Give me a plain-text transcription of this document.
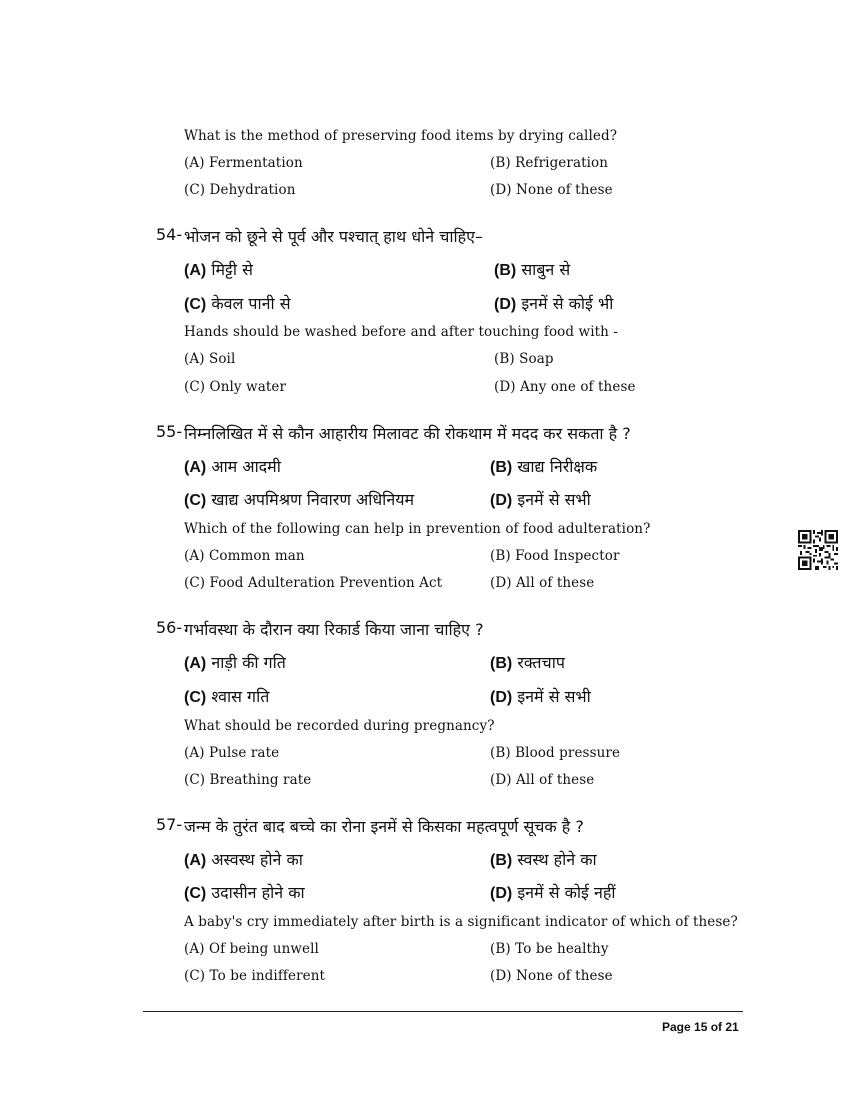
What is the method of preserving food items by drying called?
(A) Fermentation	(B) Refrigeration
(C) Dehydration	(D) None of these
54- भोजन को छूने से पूर्व और पश्चात् हाथ धोने चाहिए–
(A) मिट्टी से	(B) साबुन से
(C) केवल पानी से	(D) इनमें से कोई भी
Hands should be washed before and after touching food with -
(A) Soil	(B) Soap
(C) Only water	(D) Any one of these
55- निम्नलिखित में से कौन आहारीय मिलावट की रोकथाम में मदद कर सकता है ?
(A) आम आदमी	(B) खाद्य निरीक्षक
(C) खाद्य अपमिश्रण निवारण अधिनियम	(D) इनमें से सभी
Which of the following can help in prevention of food adulteration?
(A) Common man	(B) Food Inspector
(C) Food Adulteration Prevention Act	(D) All of these
56- गर्भावस्था के दौरान क्या रिकार्ड किया जाना चाहिए ?
(A) नाड़ी की गति	(B) रक्तचाप
(C) श्वास गति	(D) इनमें से सभी
What should be recorded during pregnancy?
(A) Pulse rate	(B) Blood pressure
(C) Breathing rate	(D) All of these
57- जन्म के तुरंत बाद बच्चे का रोना इनमें से किसका महत्वपूर्ण सूचक है ?
(A) अस्वस्थ होने का	(B) स्वस्थ होने का
(C) उदासीन होने का	(D) इनमें से कोई नहीं
A baby's cry immediately after birth is a significant indicator of which of these?
(A) Of being unwell	(B) To be healthy
(C) To be indifferent	(D) None of these
Page 15 of 21
